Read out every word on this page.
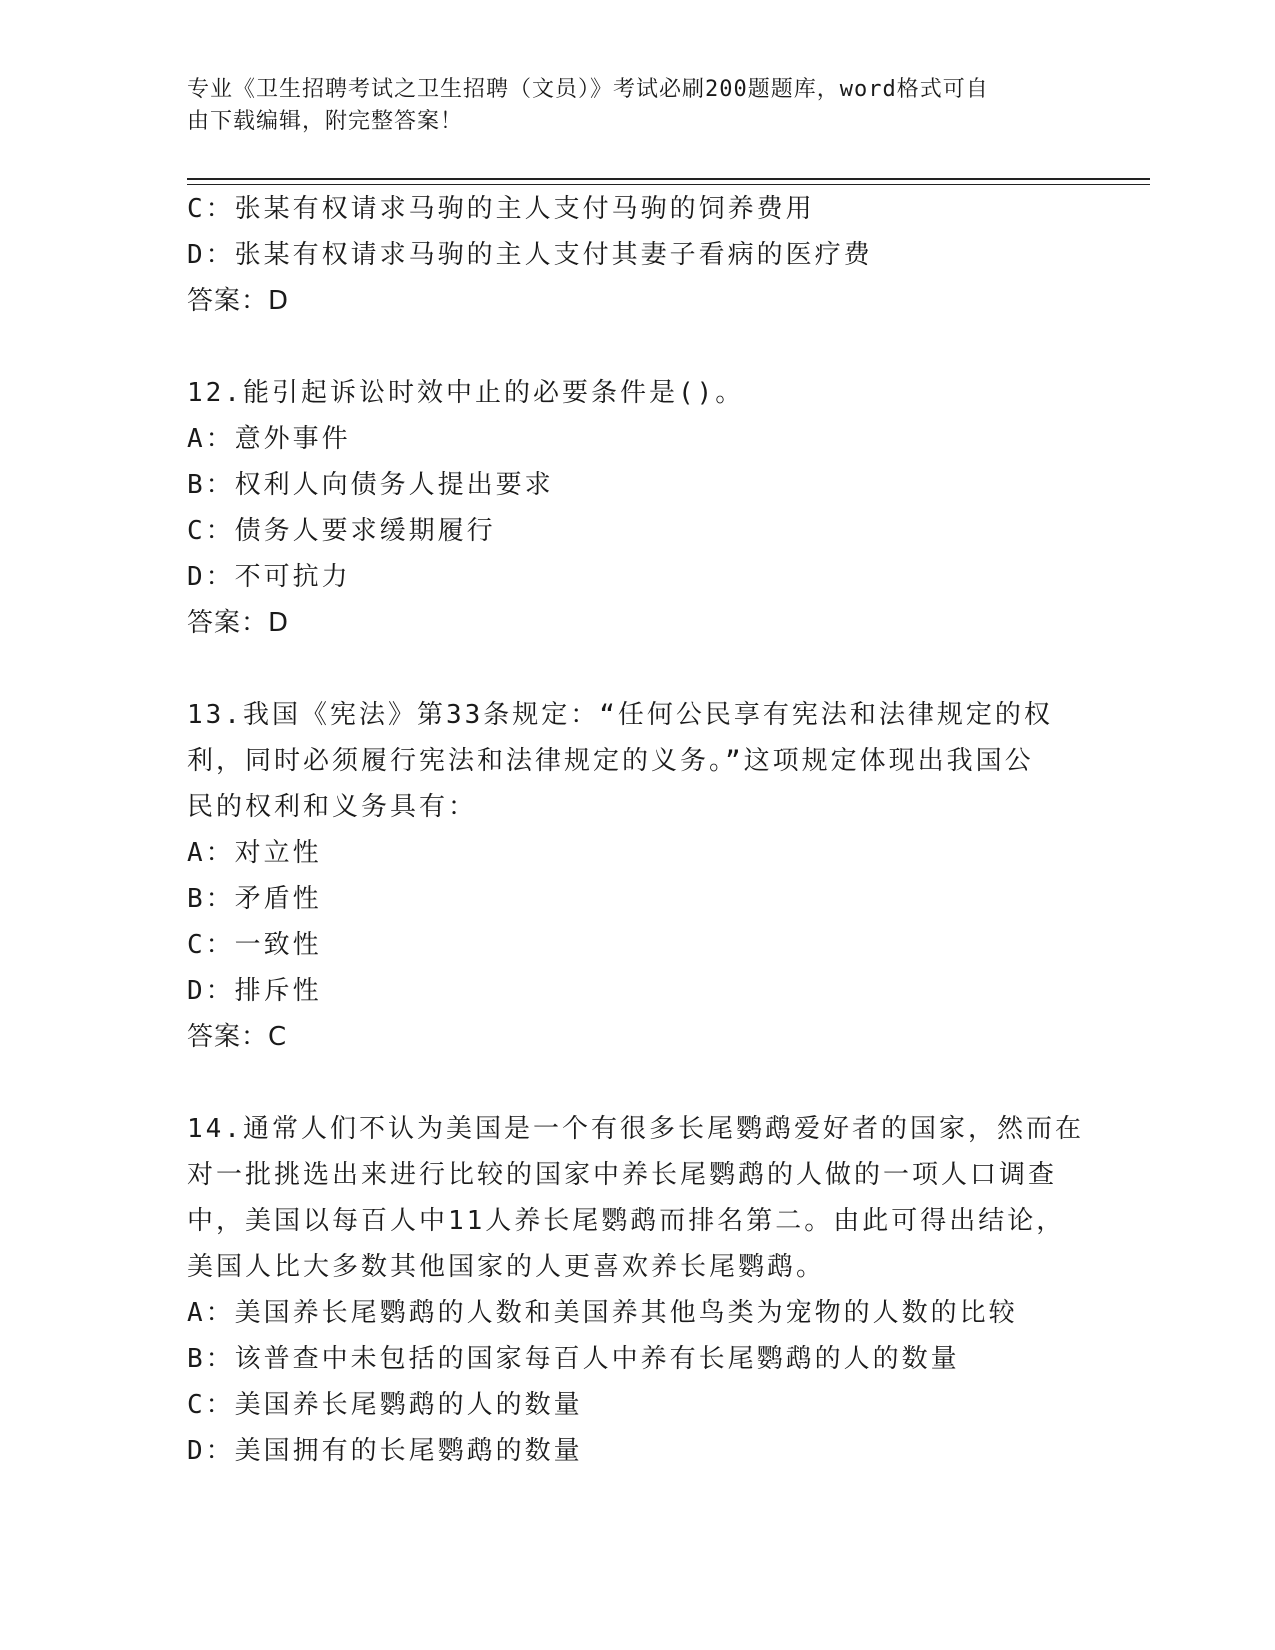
专业《卫生招聘考试之卫生招聘（文员）》考试必刷200题题库，word格式可自
由下载编辑，附完整答案！
C：张某有权请求马驹的主人支付马驹的饲养费用
D：张某有权请求马驹的主人支付其妻子看病的医疗费
答案：D
12.能引起诉讼时效中止的必要条件是()。
A：意外事件
B：权利人向债务人提出要求
C：债务人要求缓期履行
D：不可抗力
答案：D
13.我国《宪法》第33条规定：“任何公民享有宪法和法律规定的权
利，同时必须履行宪法和法律规定的义务。”这项规定体现出我国公
民的权利和义务具有：
A：对立性
B：矛盾性
C：一致性
D：排斥性
答案：C
14.通常人们不认为美国是一个有很多长尾鹦鹉爱好者的国家，然而在
对一批挑选出来进行比较的国家中养长尾鹦鹉的人做的一项人口调查
中，美国以每百人中11人养长尾鹦鹉而排名第二。由此可得出结论，
美国人比大多数其他国家的人更喜欢养长尾鹦鹉。
A：美国养长尾鹦鹉的人数和美国养其他鸟类为宠物的人数的比较
B：该普查中未包括的国家每百人中养有长尾鹦鹉的人的数量
C：美国养长尾鹦鹉的人的数量
D：美国拥有的长尾鹦鹉的数量
